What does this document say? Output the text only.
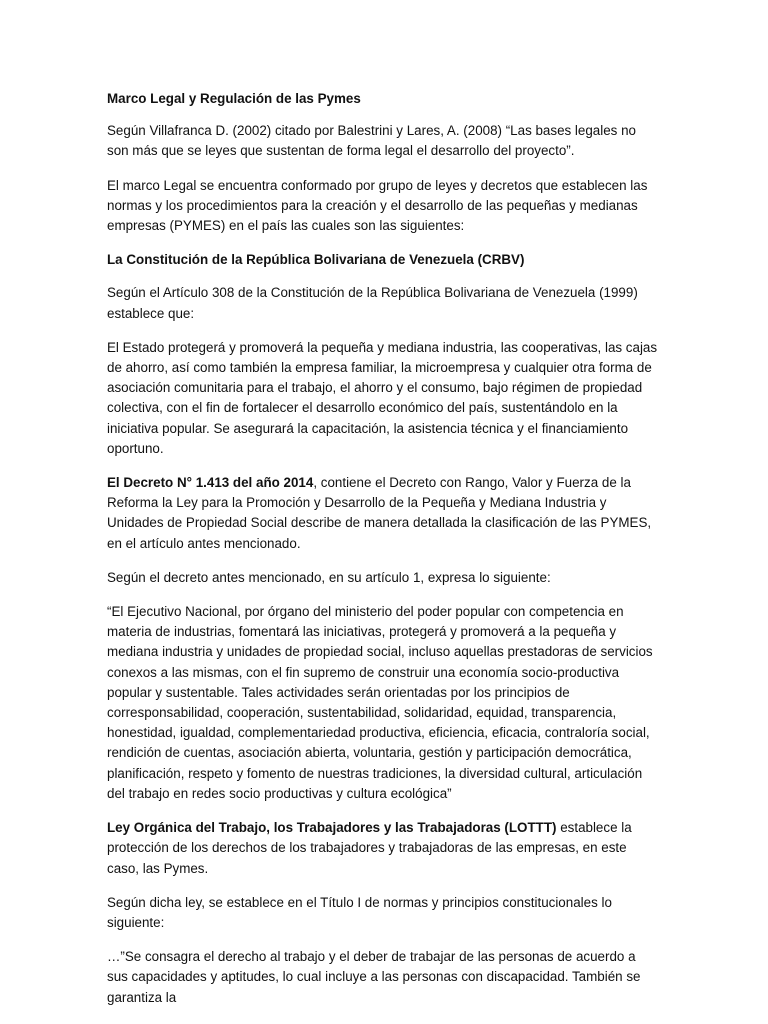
Marco Legal y Regulación de las Pymes

Según Villafranca D. (2002) citado por Balestrini y Lares, A. (2008) “Las bases legales no son más que se leyes que sustentan de forma legal el desarrollo del proyecto”.

El marco Legal se encuentra conformado por grupo de leyes y decretos que establecen las normas y los procedimientos para la creación y el desarrollo de las pequeñas y medianas empresas (PYMES) en el país las cuales son las siguientes:

La Constitución de la República Bolivariana de Venezuela (CRBV)

Según el Artículo 308 de la Constitución de la República Bolivariana de Venezuela (1999) establece que:

El Estado protegerá y promoverá la pequeña y mediana industria, las cooperativas, las cajas de ahorro, así como también la empresa familiar, la microempresa y cualquier otra forma de asociación comunitaria para el trabajo, el ahorro y el consumo, bajo régimen de propiedad colectiva, con el fin de fortalecer el desarrollo económico del país, sustentándolo en la iniciativa popular. Se asegurará la capacitación, la asistencia técnica y el financiamiento oportuno.

El Decreto N° 1.413 del año 2014, contiene el Decreto con Rango, Valor y Fuerza de la Reforma la Ley para la Promoción y Desarrollo de la Pequeña y Mediana Industria y Unidades de Propiedad Social describe de manera detallada la clasificación de las PYMES, en el artículo antes mencionado.

Según el decreto antes mencionado, en su artículo 1, expresa lo siguiente:

“El Ejecutivo Nacional, por órgano del ministerio del poder popular con competencia en materia de industrias, fomentará las iniciativas, protegerá y promoverá a la pequeña y mediana industria y unidades de propiedad social, incluso aquellas prestadoras de servicios conexos a las mismas, con el fin supremo de construir una economía socio-productiva popular y sustentable. Tales actividades serán orientadas por los principios de corresponsabilidad, cooperación, sustentabilidad, solidaridad, equidad, transparencia, honestidad, igualdad, complementariedad productiva, eficiencia, eficacia, contraloría social, rendición de cuentas, asociación abierta, voluntaria, gestión y participación democrática, planificación, respeto y fomento de nuestras tradiciones, la diversidad cultural, articulación del trabajo en redes socio productivas y cultura ecológica”

Ley Orgánica del Trabajo, los Trabajadores y las Trabajadoras (LOTTT) establece la protección de los derechos de los trabajadores y trabajadoras de las empresas, en este caso, las Pymes.

Según dicha ley, se establece en el Título I de normas y principios constitucionales lo siguiente:

…”Se consagra el derecho al trabajo y el deber de trabajar de las personas de acuerdo a sus capacidades y aptitudes, lo cual incluye a las personas con discapacidad. También se garantiza la
